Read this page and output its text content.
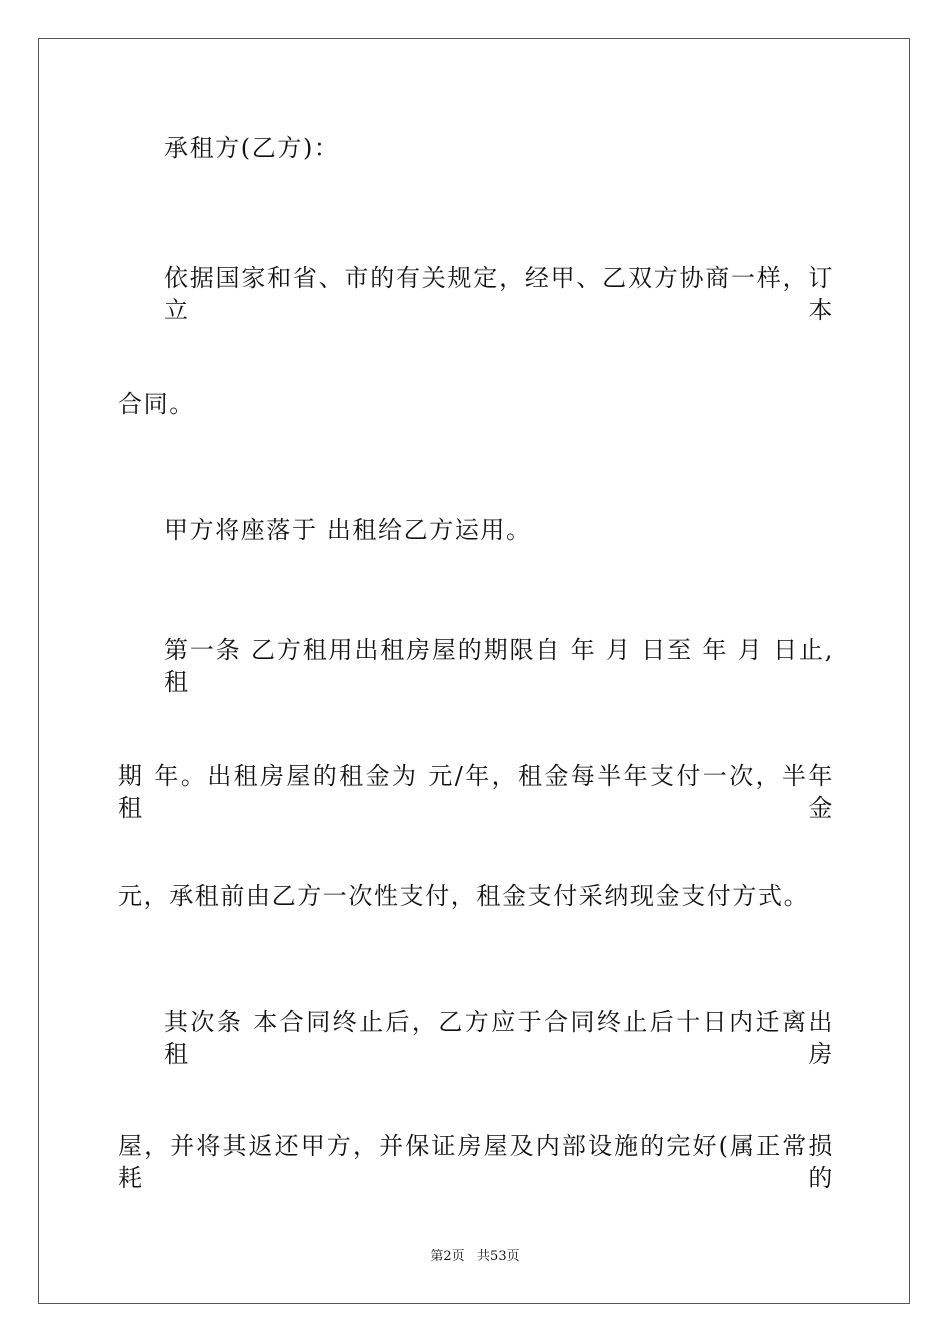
承租方(乙方)：
依据国家和省、市的有关规定，经甲、乙双方协商一样，订立本
合同。
甲方将座落于 出租给乙方运用。
第一条 乙方租用出租房屋的期限自 年 月 日至 年 月 日止,租
期 年。出租房屋的租金为 元/年，租金每半年支付一次，半年租金
元，承租前由乙方一次性支付，租金支付采纳现金支付方式。
其次条 本合同终止后，乙方应于合同终止后十日内迁离出租房
屋，并将其返还甲方，并保证房屋及内部设施的完好(属正常损耗的
第2页   共53页
